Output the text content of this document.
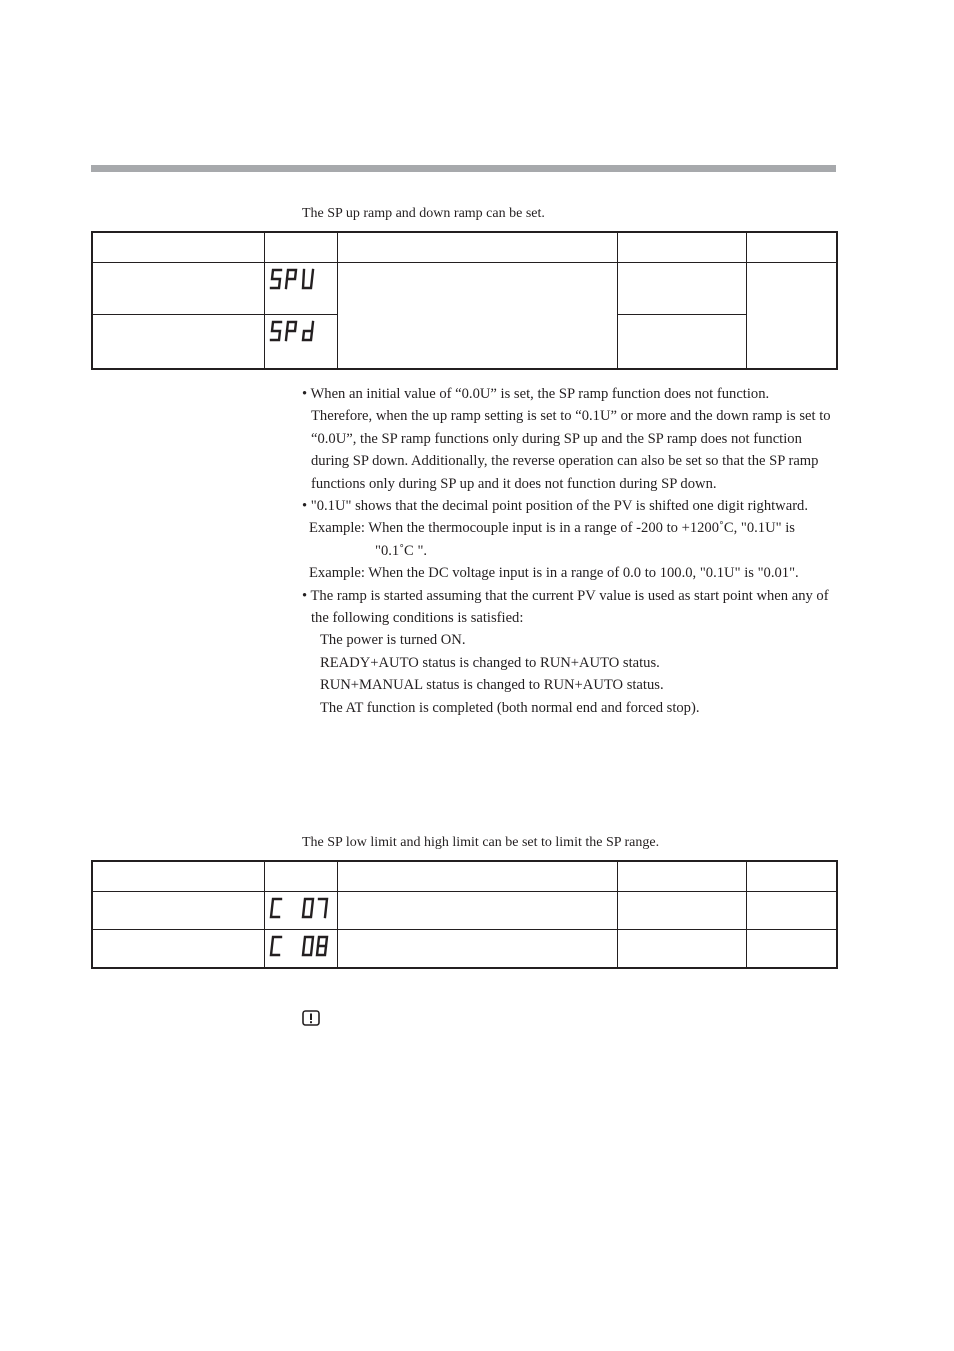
The SP up ramp and down ramp can be set.

• When an initial value of “0.0U” is set, the SP ramp function does not function. Therefore, when the up ramp setting is set to “0.1U” or more and the down ramp is set to “0.0U”, the SP ramp functions only during SP up and the SP ramp does not function during SP down. Additionally, the reverse operation can also be set so that the SP ramp functions only during SP up and it does not function during SP down.

• "0.1U" shows that the decimal point position of the PV is shifted one digit rightward.

Example: When the thermocouple input is in a range of -200 to +1200˚C, "0.1U" is "0.1˚C ".

Example: When the DC voltage input is in a range of 0.0 to 100.0, "0.1U" is "0.01".

• The ramp is started assuming that the current PV value is used as start point when any of the following conditions is satisfied:

The power is turned ON.

READY+AUTO status is changed to RUN+AUTO status.

RUN+MANUAL status is changed to RUN+AUTO status.

The AT function is completed (both normal end and forced stop).

The SP low limit and high limit can be set to limit the SP range.
